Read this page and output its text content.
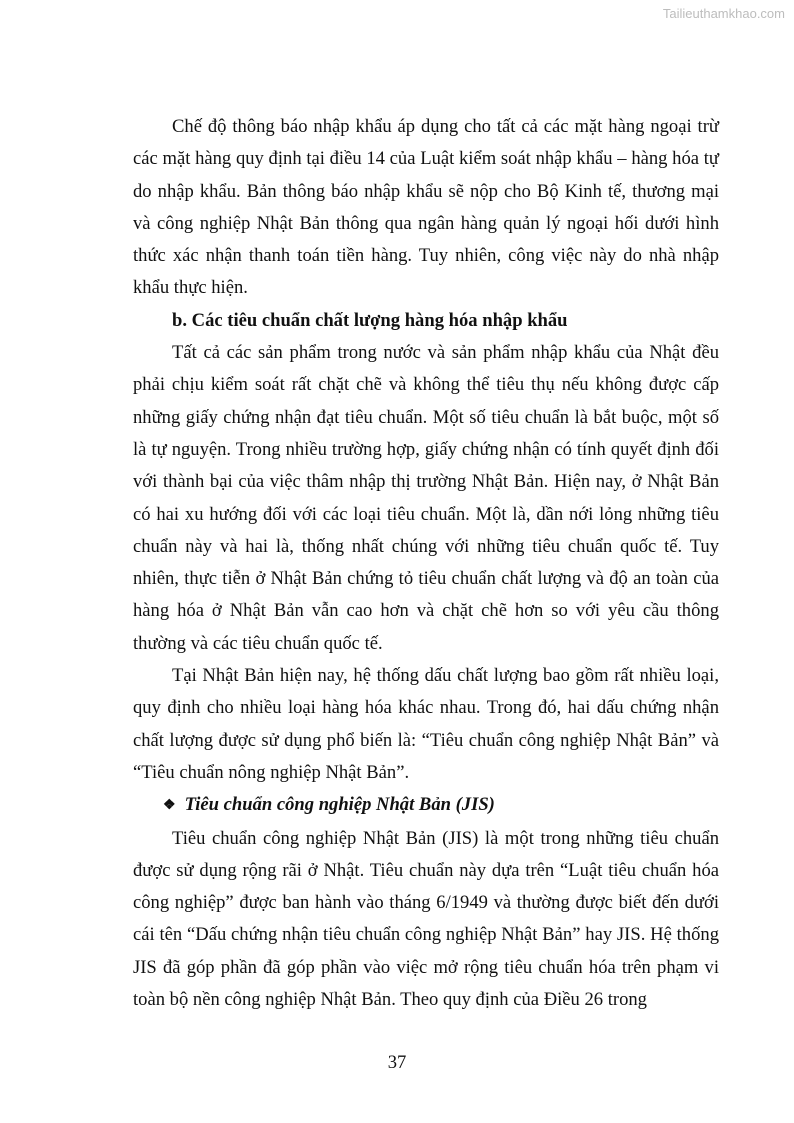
Tailieuthamkhao.com

Chế độ thông báo nhập khẩu áp dụng cho tất cả các mặt hàng ngoại trừ các mặt hàng quy định tại điều 14 của Luật kiểm soát nhập khẩu – hàng hóa tự do nhập khẩu. Bản thông báo nhập khẩu sẽ nộp cho Bộ Kinh tế, thương mại và công nghiệp Nhật Bản thông qua ngân hàng quản lý ngoại hối dưới hình thức xác nhận thanh toán tiền hàng. Tuy nhiên, công việc này do nhà nhập khẩu thực hiện.

b. Các tiêu chuẩn chất lượng hàng hóa nhập khẩu

Tất cả các sản phẩm trong nước và sản phẩm nhập khẩu của Nhật đều phải chịu kiểm soát rất chặt chẽ và không thể tiêu thụ nếu không được cấp những giấy chứng nhận đạt tiêu chuẩn. Một số tiêu chuẩn là bắt buộc, một số là tự nguyện. Trong nhiều trường hợp, giấy chứng nhận có tính quyết định đối với thành bại của việc thâm nhập thị trường Nhật Bản. Hiện nay, ở Nhật Bản có hai xu hướng đối với các loại tiêu chuẩn. Một là, dần nới lỏng những tiêu chuẩn này và hai là, thống nhất chúng với những tiêu chuẩn quốc tế. Tuy nhiên, thực tiễn ở Nhật Bản chứng tỏ tiêu chuẩn chất lượng và độ an toàn của hàng hóa ở Nhật Bản vẫn cao hơn và chặt chẽ hơn so với yêu cầu thông thường và các tiêu chuẩn quốc tế.

Tại Nhật Bản hiện nay, hệ thống dấu chất lượng bao gồm rất nhiều loại, quy định cho nhiều loại hàng hóa khác nhau. Trong đó, hai dấu chứng nhận chất lượng được sử dụng phổ biến là: “Tiêu chuẩn công nghiệp Nhật Bản” và “Tiêu chuẩn nông nghiệp Nhật Bản”.

❖ Tiêu chuẩn công nghiệp Nhật Bản (JIS)

Tiêu chuẩn công nghiệp Nhật Bản (JIS) là một trong những tiêu chuẩn được sử dụng rộng rãi ở Nhật. Tiêu chuẩn này dựa trên “Luật tiêu chuẩn hóa công nghiệp” được ban hành vào tháng 6/1949 và thường được biết đến dưới cái tên “Dấu chứng nhận tiêu chuẩn công nghiệp Nhật Bản” hay JIS. Hệ thống JIS đã góp phần đã góp phần vào việc mở rộng tiêu chuẩn hóa trên phạm vi toàn bộ nền công nghiệp Nhật Bản. Theo quy định của Điều 26 trong

37
